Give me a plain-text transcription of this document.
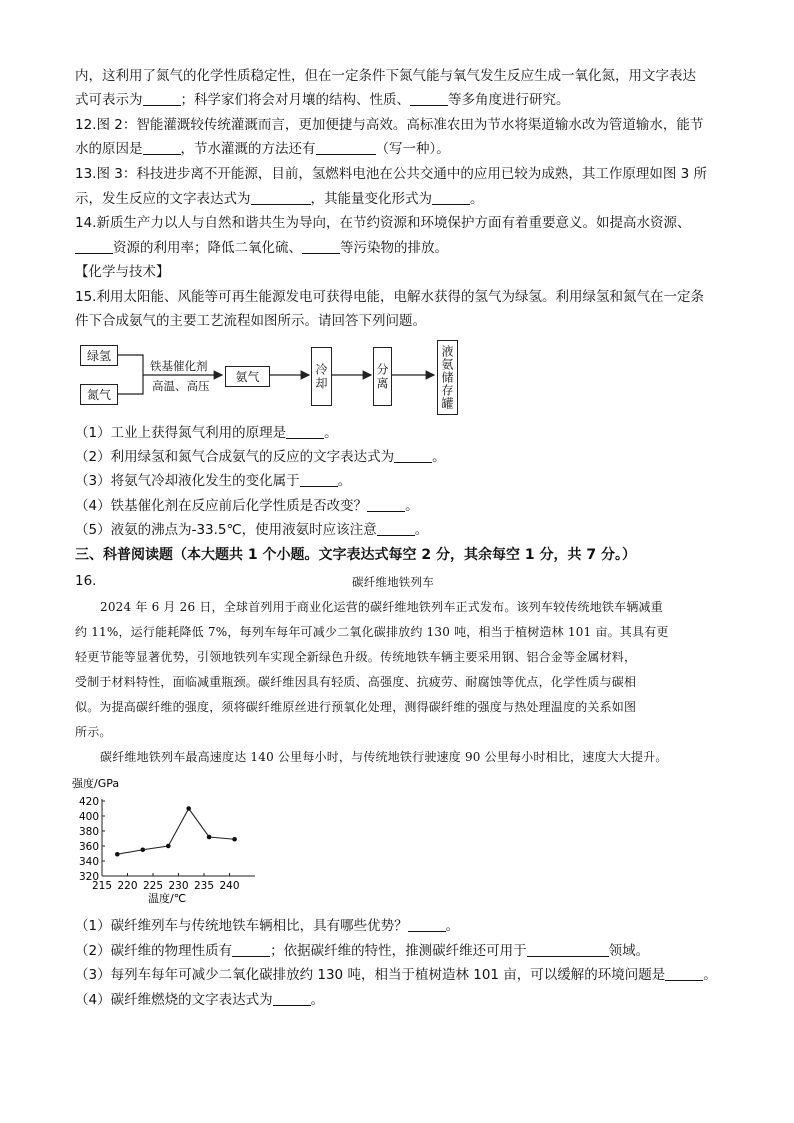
内，这利用了氮气的化学性质稳定性，但在一定条件下氮气能与氧气发生反应生成一氧化氮，用文字表达
式可表示为	；科学家们将会对月壤的结构、性质、	等多角度进行研究。
12.图 2：智能灌溉较传统灌溉而言，更加便捷与高效。高标准农田为节水将渠道输水改为管道输水，能节
水的原因是	，节水灌溉的方法还有	（写一种）。
13.图 3：科技进步离不开能源，目前，氢燃料电池在公共交通中的应用已较为成熟，其工作原理如图 3 所
示，发生反应的文字表达式为	，其能量变化形式为	。
14.新质生产力以人与自然和谐共生为导向，在节约资源和环境保护方面有着重要意义。如提高水资源、
资源的利用率；降低二氧化硫、	等污染物的排放。
【化学与技术】
15.利用太阳能、风能等可再生能源发电可获得电能，电解水获得的氢气为绿氢。利用绿氢和氮气在一定条
件下合成氨气的主要工艺流程如图所示。请回答下列问题。
绿氢
氮气
铁基催化剂
高温、高压
氨气	冷却	分离	液氨储存罐
（1）工业上获得氮气利用的原理是	。
（2）利用绿氢和氮气合成氨气的反应的文字表达式为	。
（3）将氨气冷却液化发生的变化属于	。
（4）铁基催化剂在反应前后化学性质是否改变？	。
（5）液氨的沸点为-33.5℃，使用液氨时应该注意	。
三、科普阅读题（本大题共 1 个小题。文字表达式每空 2 分，其余每空 1 分，共 7 分。）
16.	碳纤维地铁列车
2024 年 6 月 26 日，全球首列用于商业化运营的碳纤维地铁列车正式发布。该列车较传统地铁车辆减重
约 11%，运行能耗降低 7%，每列车每年可减少二氧化碳排放约 130 吨，相当于植树造林 101 亩。其具有更
轻更节能等显著优势，引领地铁列车实现全新绿色升级。传统地铁车辆主要采用钢、铝合金等金属材料，
受制于材料特性，面临减重瓶颈。碳纤维因具有轻质、高强度、抗疲劳、耐腐蚀等优点，化学性质与碳相
似。为提高碳纤维的强度，须将碳纤维原丝进行预氧化处理，测得碳纤维的强度与热处理温度的关系如图
所示。
碳纤维地铁列车最高速度达 140 公里每小时，与传统地铁行驶速度 90 公里每小时相比，速度大大提升。
320
340
360
380
400
420
215 220 225 230 235 240
强度/GPa
温度/℃
（1）碳纤维列车与传统地铁车辆相比，具有哪些优势？	。
（2）碳纤维的物理性质有	；依据碳纤维的特性，推测碳纤维还可用于	领域。
（3）每列车每年可减少二氧化碳排放约 130 吨，相当于植树造林 101 亩，可以缓解的环境问题是	。
（4）碳纤维燃烧的文字表达式为	。
